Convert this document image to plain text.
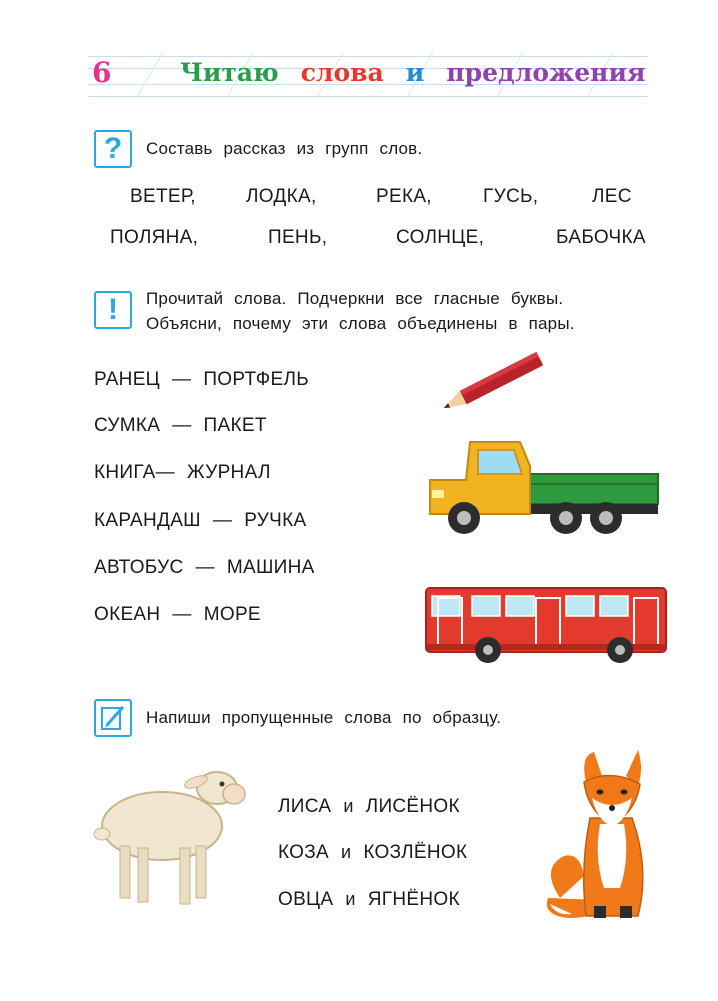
6	Читаю слова и предложения
?	Составь рассказ из групп слов.
ВЕТЕР,	ЛОДКА,	РЕКА,	ГУСЬ,	ЛЕС
ПОЛЯНА,	ПЕНЬ,	СОЛНЦЕ,	БАБОЧКА
!	Прочитай слова. Подчеркни все гласные буквы.
Объясни, почему эти слова объединены в пары.
РАНЕЦ — ПОРТФЕЛЬ
СУМКА — ПАКЕТ
КНИГА— ЖУРНАЛ
КАРАНДАШ — РУЧКА
АВТОБУС — МАШИНА
ОКЕАН — МОРЕ
Напиши пропущенные слова по образцу.
ЛИСА и ЛИСЁНОК
КОЗА и КОЗЛЁНОК
ОВЦА и ЯГНЁНОК
